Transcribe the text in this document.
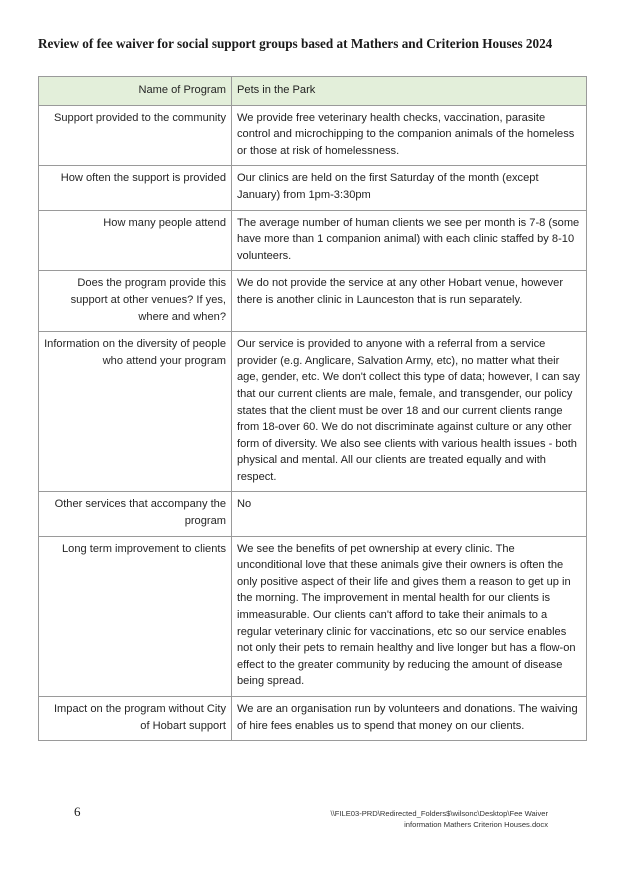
Review of fee waiver for social support groups based at Mathers and Criterion Houses 2024
Name of Program	Pets in the Park
Support provided to the community	We provide free veterinary health checks, vaccination, parasite control and microchipping to the companion animals of the homeless or those at risk of homelessness.
How often the support is provided	Our clinics are held on the first Saturday of the month (except January) from 1pm-3:30pm
How many people attend	The average number of human clients we see per month is 7-8 (some have more than 1 companion animal) with each clinic staffed by 8-10 volunteers.
Does the program provide this support at other venues? If yes, where and when?	We do not provide the service at any other Hobart venue, however there is another clinic in Launceston that is run separately.
Information on the diversity of people who attend your program	Our service is provided to anyone with a referral from a service provider (e.g. Anglicare, Salvation Army, etc), no matter what their age, gender, etc. We don't collect this type of data; however, I can say that our current clients are male, female, and transgender, our policy states that the client must be over 18 and our current clients range from 18-over 60. We do not discriminate against culture or any other form of diversity. We also see clients with various health issues - both physical and mental. All our clients are treated equally and with respect.
Other services that accompany the program	No
Long term improvement to clients	We see the benefits of pet ownership at every clinic. The unconditional love that these animals give their owners is often the only positive aspect of their life and gives them a reason to get up in the morning. The improvement in mental health for our clients is immeasurable. Our clients can't afford to take their animals to a regular veterinary clinic for vaccinations, etc so our service enables not only their pets to remain healthy and live longer but has a flow-on effect to the greater community by reducing the amount of disease being spread.
Impact on the program without City of Hobart support	We are an organisation run by volunteers and donations. The waiving of hire fees enables us to spend that money on our clients.
6	\\FILE03-PRD\Redirected_Folders$\wilsonc\Desktop\Fee Waiver
information Mathers Criterion Houses.docx
